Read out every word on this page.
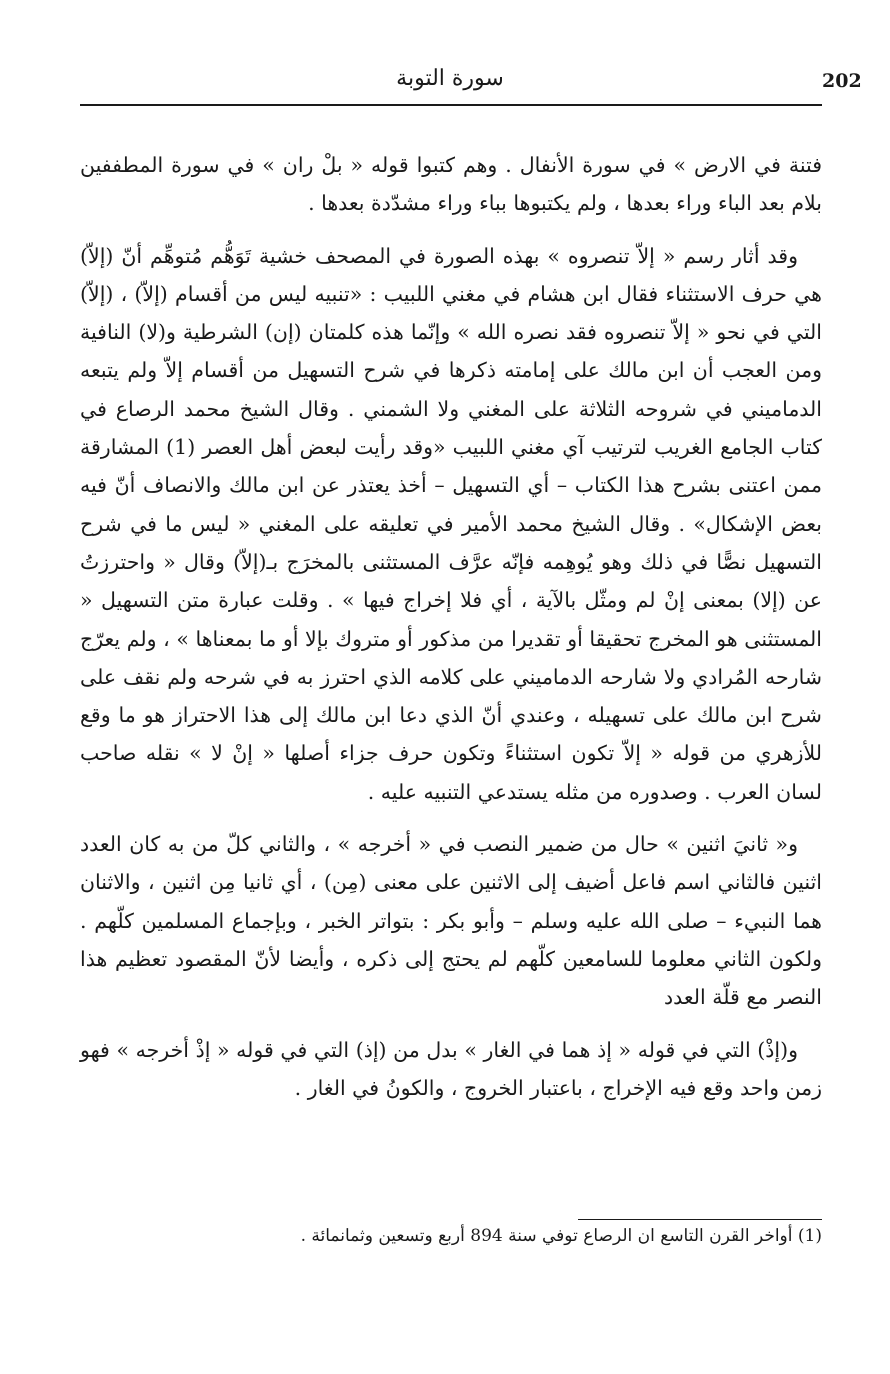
سورة التوبة	202

فتنة في الارض » في سورة الأنفال . وهم كتبوا قوله « بلْ ران » في سورة المطففين بلام بعد الباء وراء بعدها ، ولم يكتبوها بباء وراء مشدّدة بعدها .

وقد أثار رسم « إلاّ تنصروه » بهذه الصورة في المصحف خشية تَوَهُّم مُتوهِّم أنّ (إلاّ) هي حرف الاستثناء فقال ابن هشام في مغني اللبيب : «تنبيه ليس من أقسام (إلاّ) ، (إلاّ) التي في نحو « إلاّ تنصروه فقد نصره الله » وإنّما هذه كلمتان (إن) الشرطية و(لا) النافية ومن العجب أن ابن مالك على إمامته ذكرها في شرح التسهيل من أقسام إلاّ ولم يتبعه الدماميني في شروحه الثلاثة على المغني ولا الشمني . وقال الشيخ محمد الرصاع في كتاب الجامع الغريب لترتيب آي مغني اللبيب «وقد رأيت لبعض أهل العصر (1) المشارقة ممن اعتنى بشرح هذا الكتاب – أي التسهيل – أخذ يعتذر عن ابن مالك والانصاف أنّ فيه بعض الإشكال» . وقال الشيخ محمد الأمير في تعليقه على المغني « ليس ما في شرح التسهيل نصًّا في ذلك وهو يُوهِمه فإنّه عرَّف المستثنى بالمخرَج بـ(إلاّ) وقال « واحترزتُ عن (إلا) بمعنى إنْ لم ومثّل بالآية ، أي فلا إخراج فيها » . وقلت عبارة متن التسهيل « المستثنى هو المخرج تحقيقا أو تقديرا من مذكور أو متروك بإلا أو ما بمعناها » ، ولم يعرّج شارحه المُرادي ولا شارحه الدماميني على كلامه الذي احترز به في شرحه ولم نقف على شرح ابن مالك على تسهيله ، وعندي أنّ الذي دعا ابن مالك إلى هذا الاحتراز هو ما وقع للأزهري من قوله « إلاّ تكون استثناءً وتكون حرف جزاء أصلها « إنْ لا » نقله صاحب لسان العرب . وصدوره من مثله يستدعي التنبيه عليه .

و« ثانيَ اثنين » حال من ضمير النصب في « أخرجه » ، والثاني كلّ من به كان العدد اثنين فالثاني اسم فاعل أضيف إلى الاثنين على معنى (مِن) ، أي ثانيا مِن اثنين ، والاثنان هما النبيء – صلى الله عليه وسلم – وأبو بكر : بتواتر الخبر ، وبإجماع المسلمين كلّهم . ولكون الثاني معلوما للسامعين كلّهم لم يحتج إلى ذكره ، وأيضا لأنّ المقصود تعظيم هذا النصر مع قلّة العدد

و(إذْ) التي في قوله « إذ هما في الغار » بدل من (إذ) التي في قوله « إذْ أخرجه » فهو زمن واحد وقع فيه الإخراج ، باعتبار الخروج ، والكونُ في الغار .

(1) أواخر القرن التاسع ان الرصاع توفي سنة 894 أربع وتسعين وثمانمائة .
